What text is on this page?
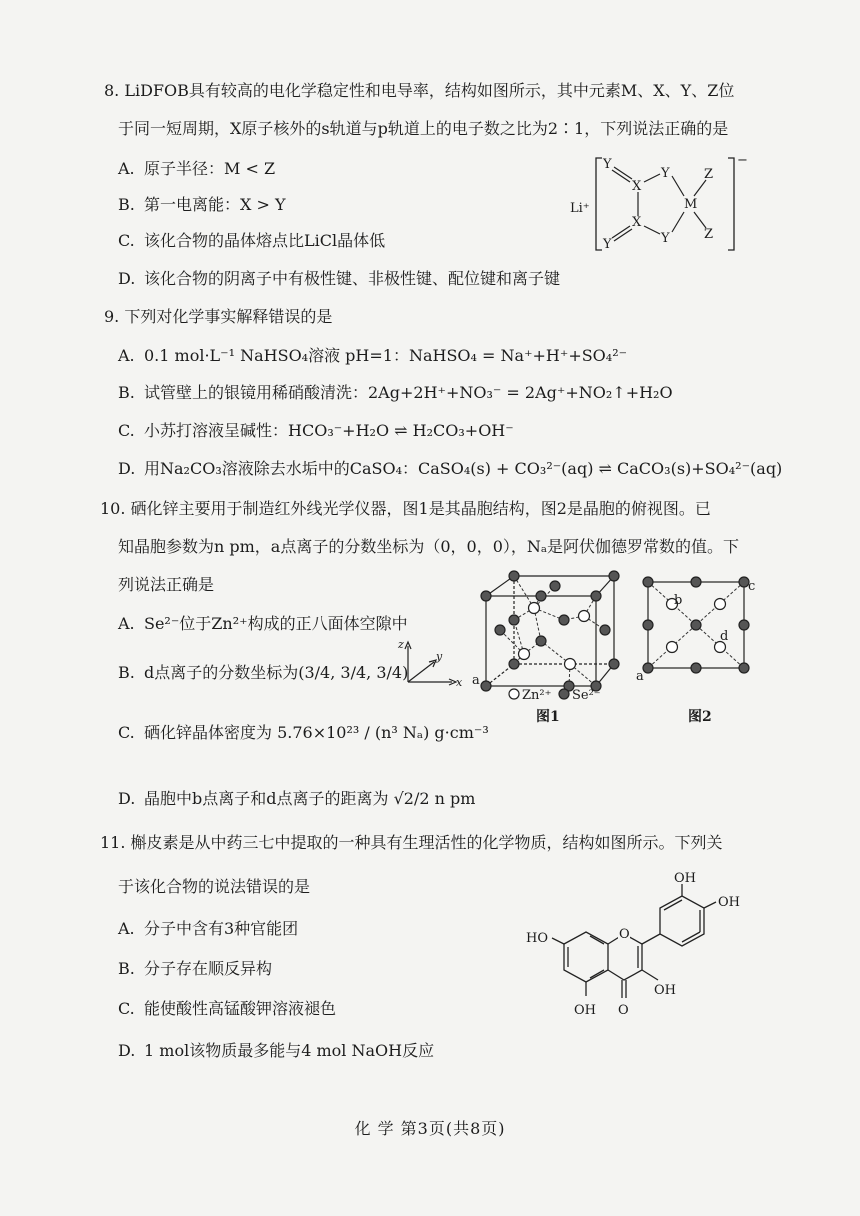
8. LiDFOB具有较高的电化学稳定性和电导率，结构如图所示，其中元素M、X、Y、Z位
于同一短周期，X原子核外的s轨道与p轨道上的电子数之比为2∶1，下列说法正确的是
A. 原子半径：M < Z
B. 第一电离能：X > Y
C. 该化合物的晶体熔点比LiCl晶体低
D. 该化合物的阴离子中有极性键、非极性键、配位键和离子键
Li⁺
−
Y
X
Y
M
Z
X
Y	Z
Y
9. 下列对化学事实解释错误的是
A. 0.1 mol·L⁻¹ NaHSO₄溶液 pH=1：NaHSO₄ = Na⁺+H⁺+SO₄²⁻
B. 试管壁上的银镜用稀硝酸清洗：2Ag+2H⁺+NO₃⁻ = 2Ag⁺+NO₂↑+H₂O
C. 小苏打溶液呈碱性：HCO₃⁻+H₂O ⇌ H₂CO₃+OH⁻
D. 用Na₂CO₃溶液除去水垢中的CaSO₄：CaSO₄(s) + CO₃²⁻(aq) ⇌ CaCO₃(s)+SO₄²⁻(aq)
10. 硒化锌主要用于制造红外线光学仪器，图1是其晶胞结构，图2是晶胞的俯视图。已
知晶胞参数为n pm，a点离子的分数坐标为（0，0，0），Nₐ是阿伏伽德罗常数的值。下
列说法正确是
A. Se²⁻位于Zn²⁺构成的正八面体空隙中
B. d点离子的分数坐标为(3/4, 3/4, 3/4)
C. 硒化锌晶体密度为 5.76×10²³ / (n³ Nₐ) g·cm⁻³
D. 晶胞中b点离子和d点离子的距离为 √2/2 n pm
z
y
x a
Zn²⁺ Se²⁻
图1
b
c
d
a
图2
11. 槲皮素是从中药三七中提取的一种具有生理活性的化学物质，结构如图所示。下列关
于该化合物的说法错误的是
A. 分子中含有3种官能团
B. 分子存在顺反异构
C. 能使酸性高锰酸钾溶液褪色
D. 1 mol该物质最多能与4 mol NaOH反应
O
OH
OH
HO
OH
OH O
化 学 第3页(共8页)
